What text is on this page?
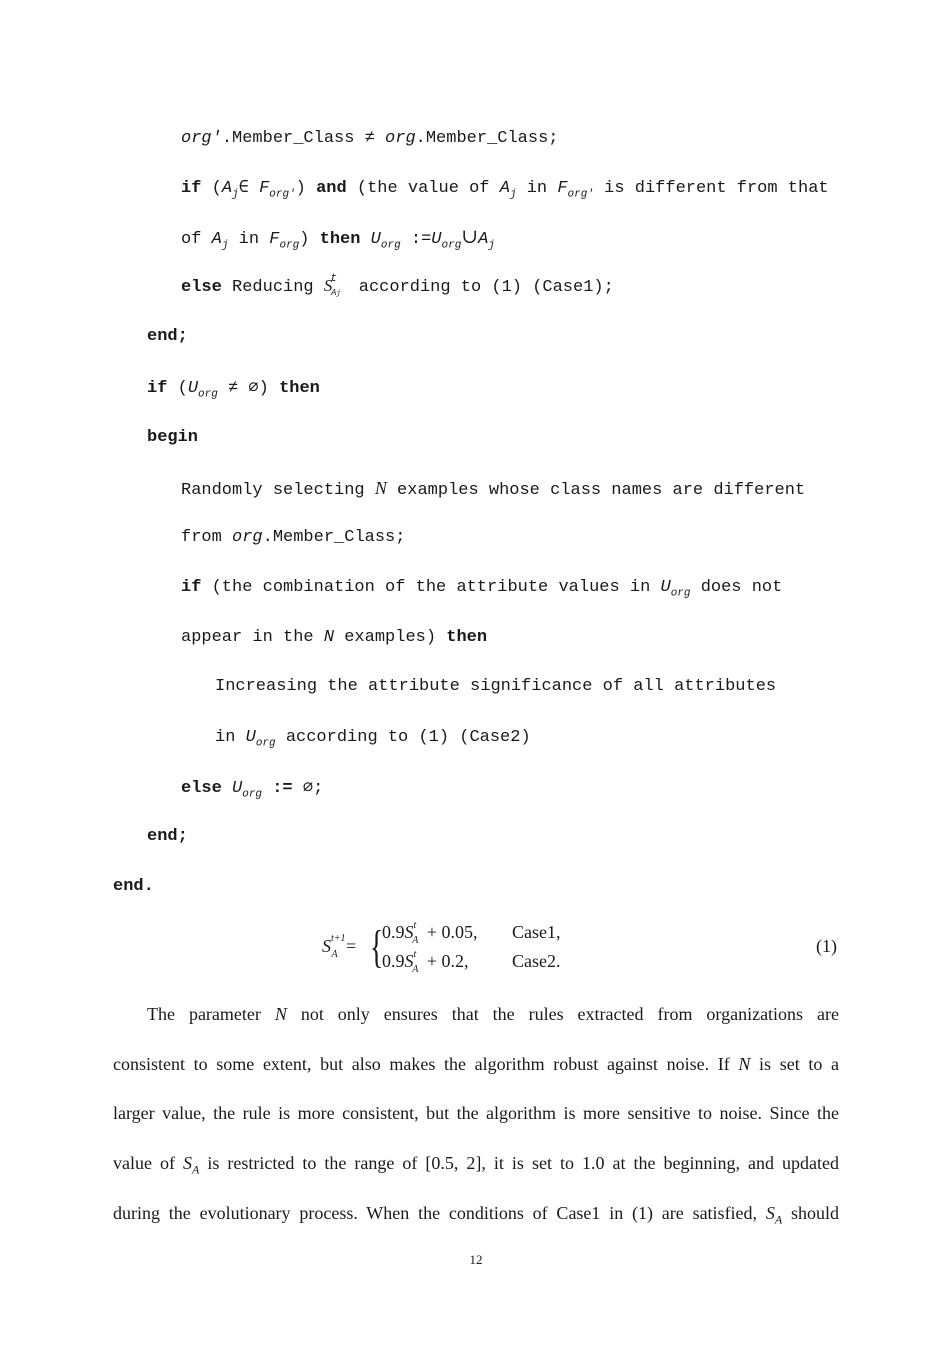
org′.Member_Class ≠ org.Member_Class;
if ($A_j\in$ $F_{org'}$) and (the value of $A_j$ in $F_{org'}$ is different from that
of $A_j$ in $F_{org}$) then $U_{org}$ $:=U_{org}\cup A_j$
else Reducing $S^t_{Aj}$ according to (1) (Case1);
end;
if ($U_{org}$ ≠ ∅) then
begin
Randomly selecting N examples whose class names are different
from org.Member_Class;
if (the combination of the attribute values in $U_{org}$ does not
appear in the N examples) then
Increasing the attribute significance of all attributes
in $U_{org}$ according to (1) (Case2)
else $U_{org}$ := ∅;
end;
end.
$S^{t+1}_A$ = {
$0.9S^t_A + 0.05$, Case1,
$0.9S^t_A + 0.2$, Case2.
(1)
The parameter N not only ensures that the rules extracted from organizations are
consistent to some extent, but also makes the algorithm robust against noise. If N is set to a
larger value, the rule is more consistent, but the algorithm is more sensitive to noise. Since the
value of $S_A$ is restricted to the range of [0.5, 2], it is set to 1.0 at the beginning, and updated
during the evolutionary process. When the conditions of Case1 in (1) are satisfied, $S_A$ should
12
